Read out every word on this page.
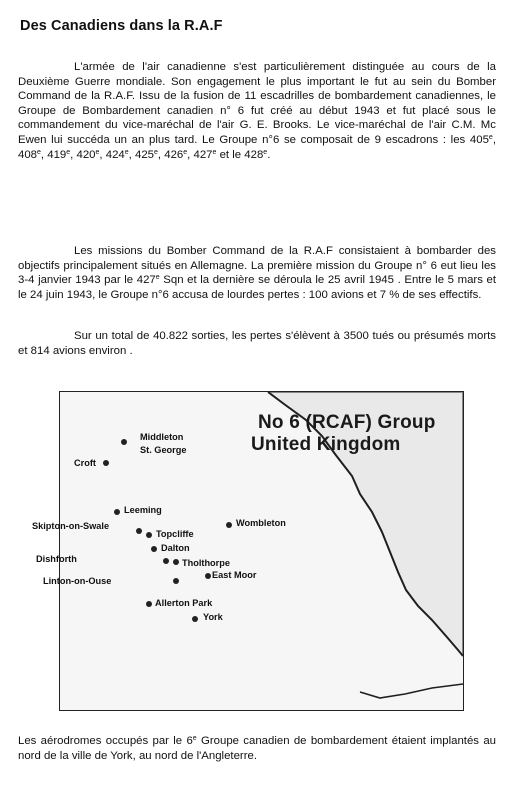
Des Canadiens dans la R.A.F

L'armée de l'air canadienne s'est particulièrement distinguée au cours de la Deuxième Guerre mondiale. Son engagement le plus important le fut au sein du Bomber Command de la R.A.F. Issu de la fusion de 11 escadrilles de bombardement canadiennes, le Groupe de Bombardement canadien n° 6 fut créé au début 1943 et fut placé sous le commandement du vice-maréchal de l'air G. E. Brooks. Le vice-maréchal de l'air C.M. Mc Ewen lui succéda un an plus tard. Le Groupe n°6 se composait de 9 escadrons : les 405e, 408e, 419e, 420e, 424e, 425e, 426e, 427e et le 428e.

Les missions du Bomber Command de la R.A.F consistaient à bombarder des objectifs principalement situés en Allemagne. La première mission du Groupe n° 6 eut lieu les 3-4 janvier 1943 par le 427e Sqn et la dernière se déroula le 25 avril 1945 . Entre le 5 mars et le 24 juin 1943, le Groupe n°6 accusa de lourdes pertes : 100 avions et 7 % de ses effectifs.

Sur un total de 40.822 sorties, les pertes s'élèvent à 3500 tués ou présumés morts et 814 avions environ .

No 6 (RCAF) Group
United Kingdom
Middleton
St. George
Croft
Leeming
Skipton-on-Swale
Topcliffe
Wombleton
Dalton
Dishforth	Tholthorpe
East Moor
Linton-on-Ouse
Allerton Park
York

Les aérodromes occupés par le 6e Groupe canadien de bombardement étaient implantés au nord de la ville de York, au nord de l'Angleterre.
